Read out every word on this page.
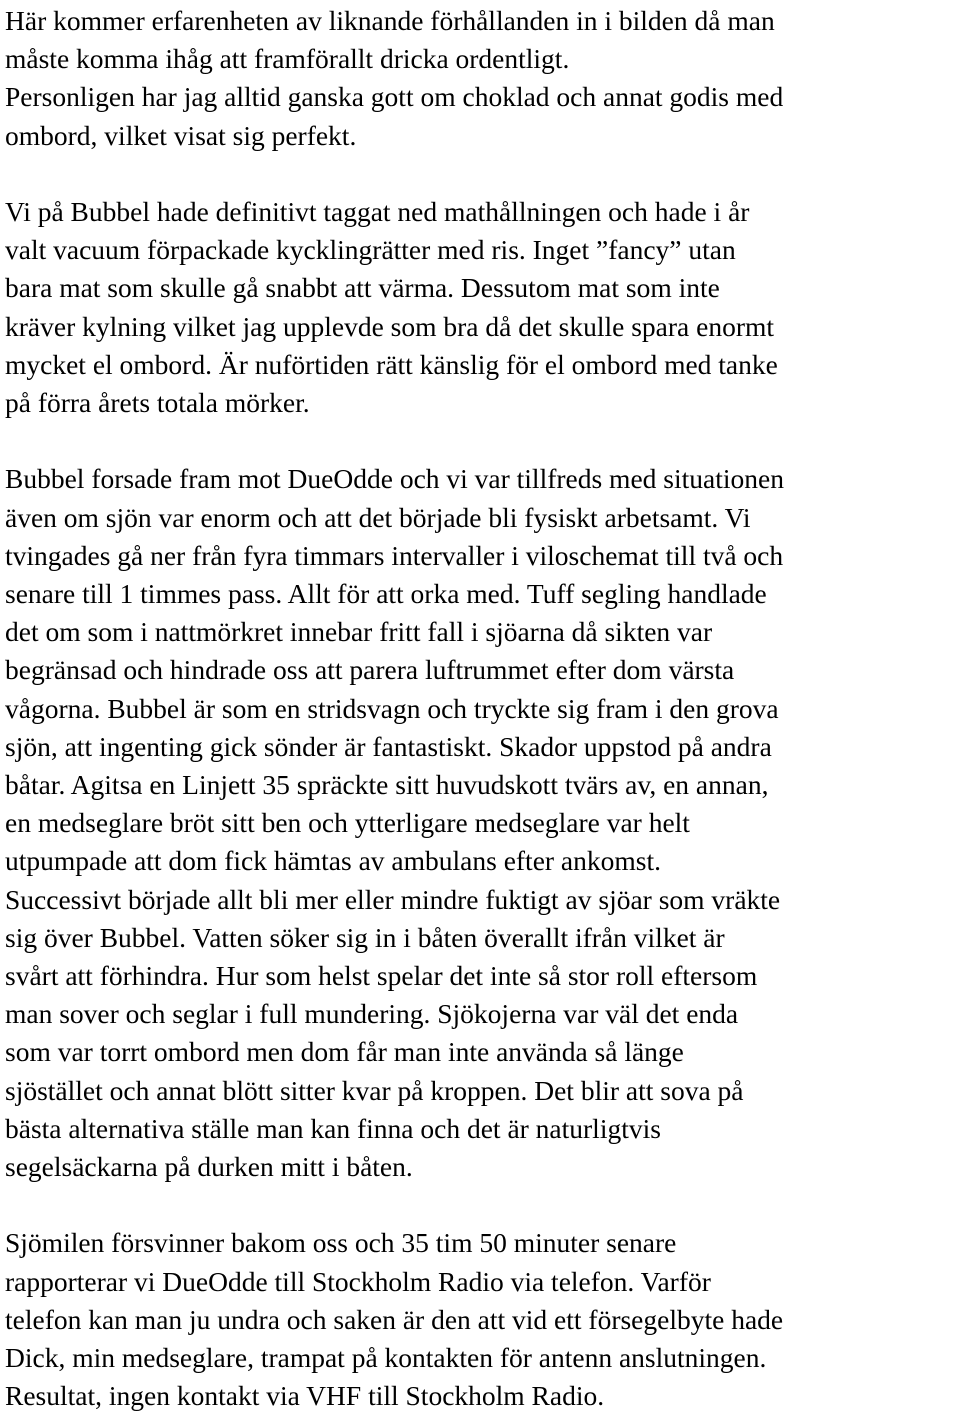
Här kommer erfarenheten av liknande förhållanden in i bilden då man
måste komma ihåg att framförallt dricka ordentligt.
Personligen har jag alltid ganska gott om choklad och annat godis med
ombord, vilket visat sig perfekt.

Vi på Bubbel hade definitivt taggat ned mathållningen och hade i år
valt vacuum förpackade kycklingrätter med ris. Inget ”fancy” utan
bara mat som skulle gå snabbt att värma. Dessutom mat som inte
kräver kylning vilket jag upplevde som bra då det skulle spara enormt
mycket el ombord. Är nuförtiden rätt känslig för el ombord med tanke
på förra årets totala mörker.

Bubbel forsade fram mot DueOdde och vi var tillfreds med situationen
även om sjön var enorm och att det började bli fysiskt arbetsamt. Vi
tvingades gå ner från fyra timmars intervaller i viloschemat till två och
senare till 1 timmes pass. Allt för att orka med. Tuff segling handlade
det om som i nattmörkret innebar fritt fall i sjöarna då sikten var
begränsad och hindrade oss att parera luftrummet efter dom värsta
vågorna. Bubbel är som en stridsvagn och tryckte sig fram i den grova
sjön, att ingenting gick sönder är fantastiskt. Skador uppstod på andra
båtar. Agitsa en Linjett 35 spräckte sitt huvudskott tvärs av, en annan,
en medseglare bröt sitt ben och ytterligare medseglare var helt
utpumpade att dom fick hämtas av ambulans efter ankomst.
Successivt började allt bli mer eller mindre fuktigt av sjöar som vräkte
sig över Bubbel. Vatten söker sig in i båten överallt ifrån vilket är
svårt att förhindra. Hur som helst spelar det inte så stor roll eftersom
man sover och seglar i full mundering. Sjökojerna var väl det enda
som var torrt ombord men dom får man inte använda så länge
sjöstället och annat blött sitter kvar på kroppen. Det blir att sova på
bästa alternativa ställe man kan finna och det är naturligtvis
segelsäckarna på durken mitt i båten.

Sjömilen försvinner bakom oss och 35 tim 50 minuter senare
rapporterar vi DueOdde till Stockholm Radio via telefon. Varför
telefon kan man ju undra och saken är den att vid ett försegelbyte hade
Dick, min medseglare, trampat på kontakten för antenn anslutningen.
Resultat, ingen kontakt via VHF till Stockholm Radio.
